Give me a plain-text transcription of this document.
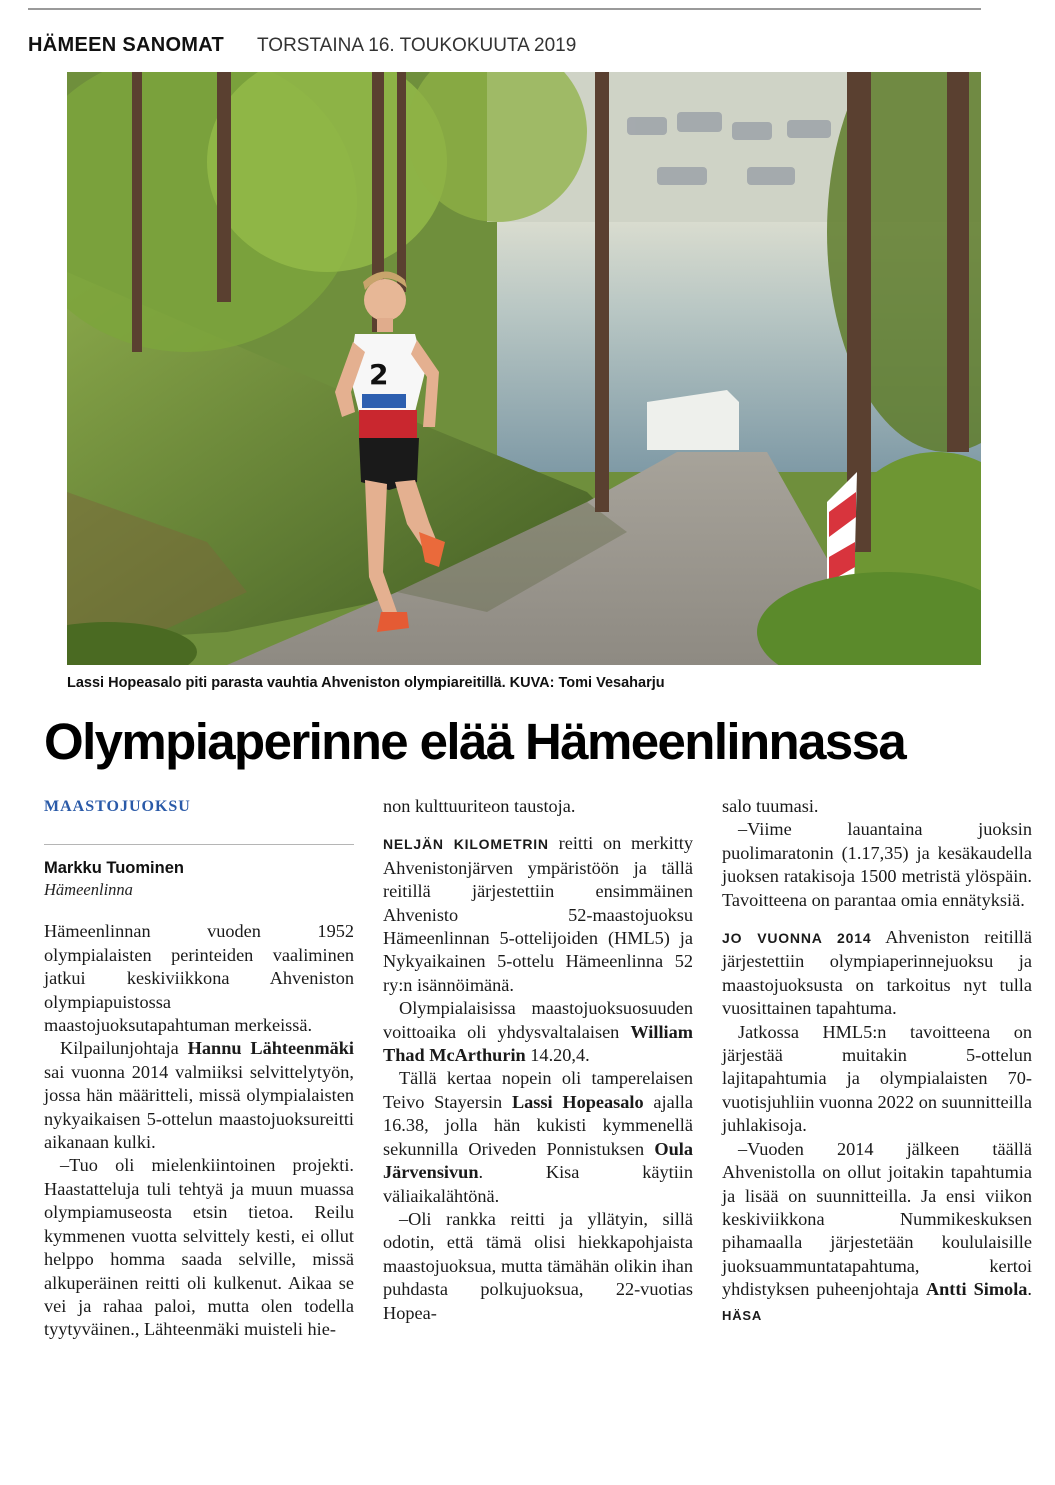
HÄMEEN SANOMAT TORSTAINA 16. TOUKOKUUTA 2019
2
Lassi Hopeasalo piti parasta vauhtia Ahveniston olympiareitillä. KUVA: Tomi Vesaharju
Olympiaperinne elää Hämeenlinnassa
MAASTOJUOKSU
Markku Tuominen
Hämeenlinna

Hämeenlinnan vuoden 1952 olympialaisten perinteiden vaaliminen jatkui keskiviikkona Ahveniston olympiapuistossa maastojuoksutapahtuman merkeissä.

Kilpailunjohtaja Hannu Lähteenmäki sai vuonna 2014 valmiiksi selvittelytyön, jossa hän määritteli, missä olympialaisten nykyaikaisen 5-ottelun maastojuoksureitti aikanaan kulki.

–Tuo oli mielenkiintoinen projekti. Haastatteluja tuli tehtyä ja muun muassa olympiamuseosta etsin tietoa. Reilu kymmenen vuotta selvittely kesti, ei ollut helppo homma saada selville, missä alkuperäinen reitti oli kulkenut. Aikaa se vei ja rahaa paloi, mutta olen todella tyytyväinen., Lähteenmäki muisteli hie-

non kulttuuriteon taustoja.

NELJÄN KILOMETRIN reitti on merkitty Ahvenistonjärven ympäristöön ja tällä reitillä järjestettiin ensimmäinen Ahvenisto 52-maastojuoksu Hämeenlinnan 5-ottelijoiden (HML5) ja Nykyaikainen 5-ottelu Hämeenlinna 52 ry:n isännöimänä.

Olympialaisissa maastojuoksuosuuden voittoaika oli yhdysvaltalaisen William Thad McArthurin 14.20,4.

Tällä kertaa nopein oli tamperelaisen Teivo Stayersin Lassi Hopeasalo ajalla 16.38, jolla hän kukisti kymmenellä sekunnilla Oriveden Ponnistuksen Oula Järvensivun. Kisa käytiin väliaikalähtönä.

–Oli rankka reitti ja yllätyin, sillä odotin, että tämä olisi hiekkapohjaista maastojuoksua, mutta tämähän olikin ihan puhdasta polkujuoksua, 22-vuotias Hopea-

salo tuumasi.

–Viime lauantaina juoksin puolimaratonin (1.17,35) ja kesäkaudella juoksen ratakisoja 1500 metristä ylöspäin. Tavoitteena on parantaa omia ennätyksiä.

JO VUONNA 2014 Ahveniston reitillä järjestettiin olympiaperinnejuoksu ja maastojuoksusta on tarkoitus nyt tulla vuosittainen tapahtuma.

Jatkossa HML5:n tavoitteena on järjestää muitakin 5-ottelun lajitapahtumia ja olympialaisten 70-vuotisjuhliin vuonna 2022 on suunnitteilla juhlakisoja.

–Vuoden 2014 jälkeen täällä Ahvenistolla on ollut joitakin tapahtumia ja lisää on suunnitteilla. Ja ensi viikon keskiviikkona Nummikeskuksen pihamaalla järjestetään koululaisille juoksuammuntatapahtuma, kertoi yhdistyksen puheenjohtaja Antti Simola. HÄSA
